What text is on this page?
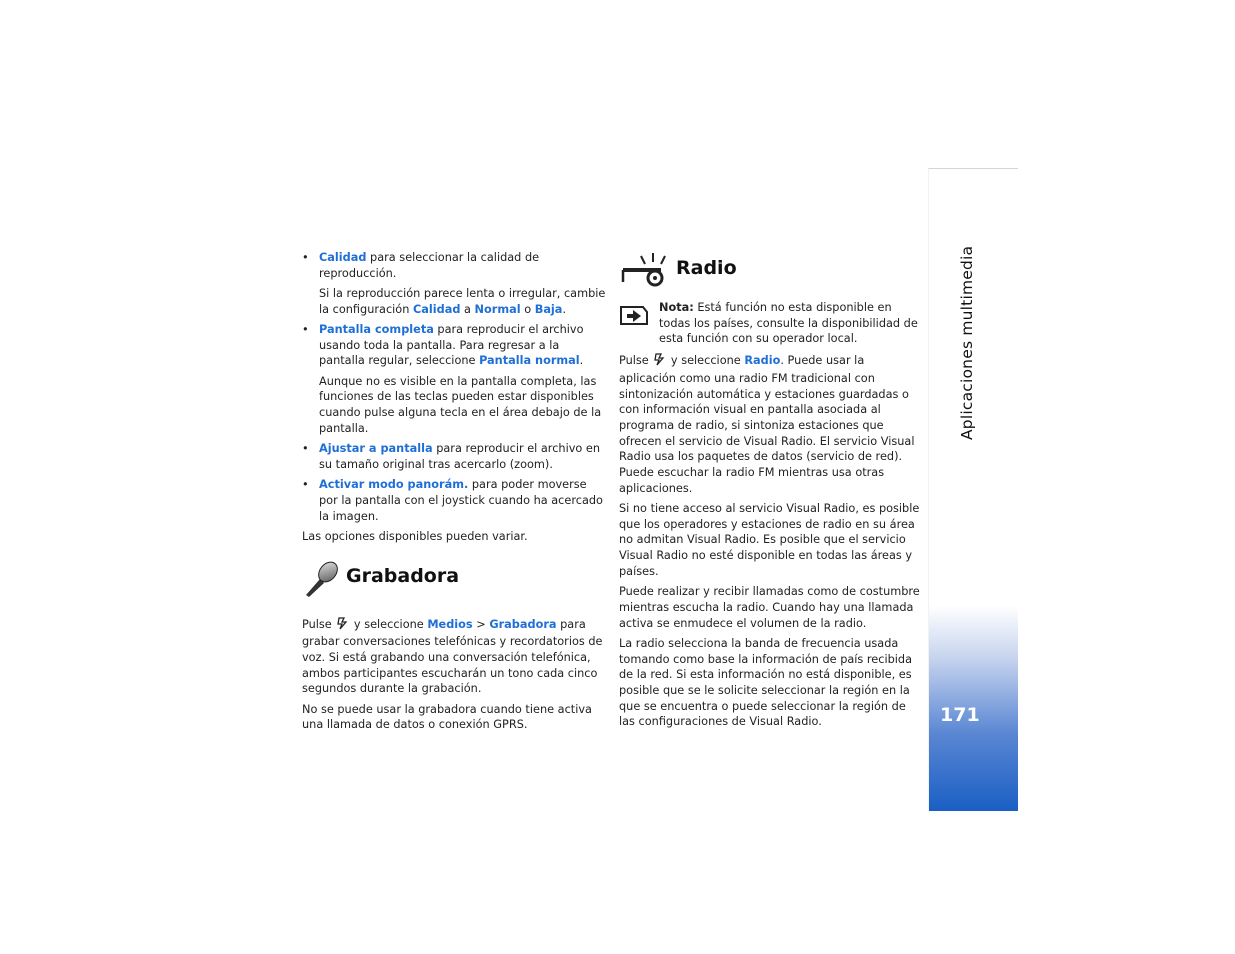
• Calidad para seleccionar la calidad de reproducción.

Si la reproducción parece lenta o irregular, cambie la configuración Calidad a Normal o Baja.

• Pantalla completa para reproducir el archivo usando toda la pantalla. Para regresar a la pantalla regular, seleccione Pantalla normal.

Aunque no es visible en la pantalla completa, las funciones de las teclas pueden estar disponibles cuando pulse alguna tecla en el área debajo de la pantalla.

• Ajustar a pantalla para reproducir el archivo en su tamaño original tras acercarlo (zoom).

• Activar modo panorám. para poder moverse por la pantalla con el joystick cuando ha acercado la imagen.

Las opciones disponibles pueden variar.

Grabadora

Pulse  y seleccione Medios > Grabadora para grabar conversaciones telefónicas y recordatorios de voz. Si está grabando una conversación telefónica, ambos participantes escucharán un tono cada cinco segundos durante la grabación.

No se puede usar la grabadora cuando tiene activa una llamada de datos o conexión GPRS.

Radio

Nota: Está función no esta disponible en todas los países, consulte la disponibilidad de esta función con su operador local.

Pulse  y seleccione Radio. Puede usar la aplicación como una radio FM tradicional con sintonización automática y estaciones guardadas o con información visual en pantalla asociada al programa de radio, si sintoniza estaciones que ofrecen el servicio de Visual Radio. El servicio Visual Radio usa los paquetes de datos (servicio de red). Puede escuchar la radio FM mientras usa otras aplicaciones.

Si no tiene acceso al servicio Visual Radio, es posible que los operadores y estaciones de radio en su área no admitan Visual Radio. Es posible que el servicio Visual Radio no esté disponible en todas las áreas y países.

Puede realizar y recibir llamadas como de costumbre mientras escucha la radio. Cuando hay una llamada activa se enmudece el volumen de la radio.

La radio selecciona la banda de frecuencia usada tomando como base la información de país recibida de la red. Si esta información no está disponible, es posible que se le solicite seleccionar la región en la que se encuentra o puede seleccionar la región de las configuraciones de Visual Radio.

Aplicaciones multimedia
171
